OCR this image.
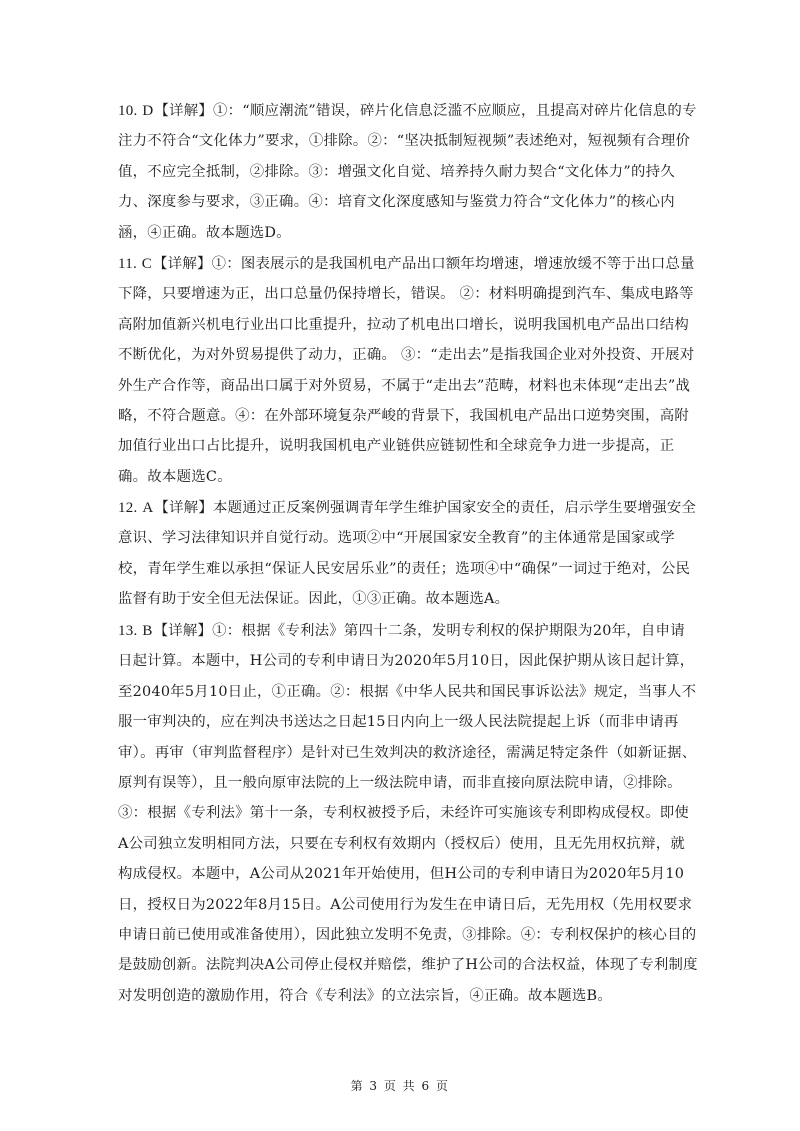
10. D【详解】①：“顺应潮流”错误，碎片化信息泛滥不应顺应，且提高对碎片化信息的专注力不符合“文化体力”要求，①排除。②：“坚决抵制短视频”表述绝对，短视频有合理价值，不应完全抵制，②排除。③：增强文化自觉、培养持久耐力契合“文化体力”的持久力、深度参与要求，③正确。④：培育文化深度感知与鉴赏力符合“文化体力”的核心内涵，④正确。故本题选D。

11. C【详解】①：图表展示的是我国机电产品出口额年均增速，增速放缓不等于出口总量下降，只要增速为正，出口总量仍保持增长，错误。 ②：材料明确提到汽车、集成电路等高附加值新兴机电行业出口比重提升，拉动了机电出口增长，说明我国机电产品出口结构不断优化，为对外贸易提供了动力，正确。 ③：“走出去”是指我国企业对外投资、开展对外生产合作等，商品出口属于对外贸易，不属于“走出去”范畴，材料也未体现“走出去”战略，不符合题意。④：在外部环境复杂严峻的背景下，我国机电产品出口逆势突围，高附加值行业出口占比提升，说明我国机电产业链供应链韧性和全球竞争力进一步提高，正确。故本题选C。

12. A【详解】本题通过正反案例强调青年学生维护国家安全的责任，启示学生要增强安全意识、学习法律知识并自觉行动。选项②中“开展国家安全教育”的主体通常是国家或学校，青年学生难以承担“保证人民安居乐业”的责任；选项④中“确保”一词过于绝对，公民监督有助于安全但无法保证。因此，①③正确。故本题选A。

13. B【详解】①：根据《专利法》第四十二条，发明专利权的保护期限为20年，自申请日起计算。本题中，H公司的专利申请日为2020年5月10日，因此保护期从该日起计算，至2040年5月10日止，①正确。②：根据《中华人民共和国民事诉讼法》规定，当事人不服一审判决的，应在判决书送达之日起15日内向上一级人民法院提起上诉（而非申请再审）。再审（审判监督程序）是针对已生效判决的救济途径，需满足特定条件（如新证据、原判有误等），且一般向原审法院的上一级法院申请，而非直接向原法院申请，②排除。③：根据《专利法》第十一条，专利权被授予后，未经许可实施该专利即构成侵权。即使A公司独立发明相同方法，只要在专利权有效期内（授权后）使用，且无先用权抗辩，就构成侵权。本题中，A公司从2021年开始使用，但H公司的专利申请日为2020年5月10日，授权日为2022年8月15日。A公司使用行为发生在申请日后，无先用权（先用权要求申请日前已使用或准备使用），因此独立发明不免责，③排除。④：专利权保护的核心目的是鼓励创新。法院判决A公司停止侵权并赔偿，维护了H公司的合法权益，体现了专利制度对发明创造的激励作用，符合《专利法》的立法宗旨，④正确。故本题选B。

第 3 页 共 6 页
